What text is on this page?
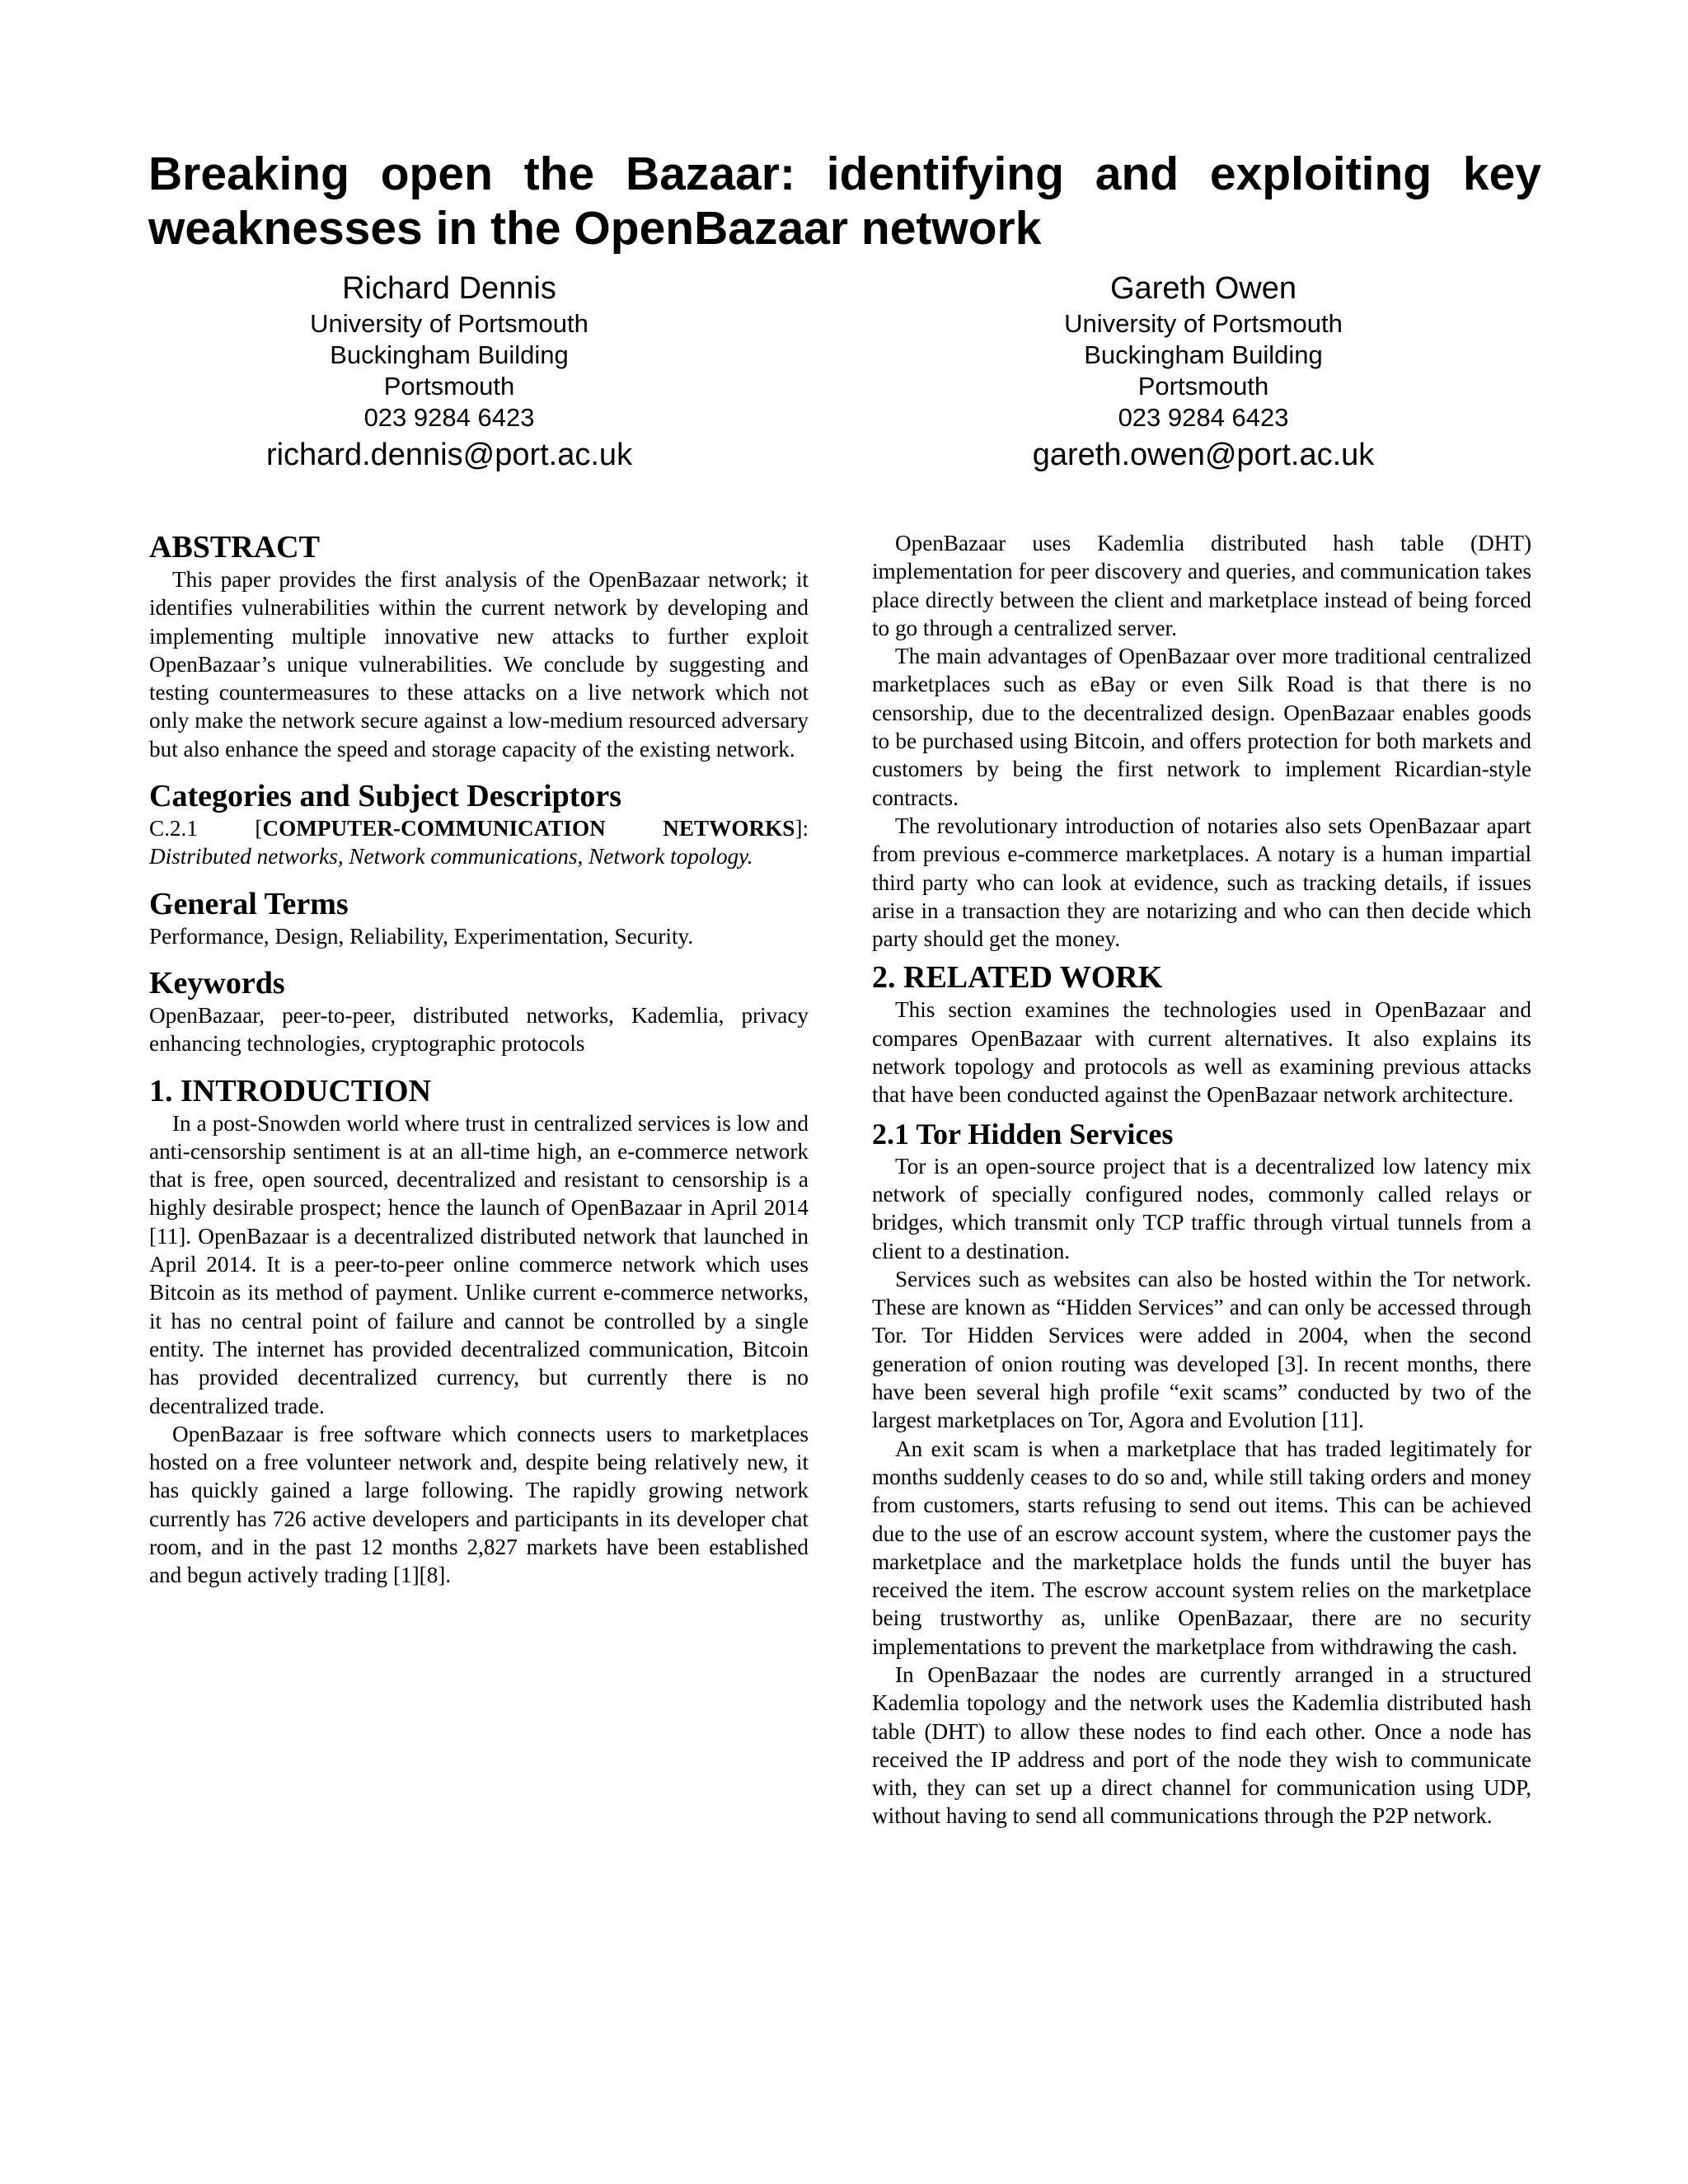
Breaking open the Bazaar: identifying and exploiting key weaknesses in the OpenBazaar network
Richard Dennis
University of Portsmouth
Buckingham Building
Portsmouth
023 9284 6423
richard.dennis@port.ac.uk
Gareth Owen
University of Portsmouth
Buckingham Building
Portsmouth
023 9284 6423
gareth.owen@port.ac.uk
ABSTRACT

This paper provides the first analysis of the OpenBazaar network; it identifies vulnerabilities within the current network by developing and implementing multiple innovative new attacks to further exploit OpenBazaar’s unique vulnerabilities. We conclude by suggesting and testing countermeasures to these attacks on a live network which not only make the network secure against a low-medium resourced adversary but also enhance the speed and storage capacity of the existing network.

Categories and Subject Descriptors

C.2.1	[COMPUTER-COMMUNICATION NETWORKS]: Distributed networks, Network communications, Network topology.

General Terms

Performance, Design, Reliability, Experimentation, Security.

Keywords

OpenBazaar, peer-to-peer, distributed networks, Kademlia, privacy enhancing technologies, cryptographic protocols

1. INTRODUCTION

In a post-Snowden world where trust in centralized services is low and anti-censorship sentiment is at an all-time high, an e-commerce network that is free, open sourced, decentralized and resistant to censorship is a highly desirable prospect; hence the launch of OpenBazaar in April 2014 [11]. OpenBazaar is a decentralized distributed network that launched in April 2014. It is a peer-to-peer online commerce network which uses Bitcoin as its method of payment. Unlike current e-commerce networks, it has no central point of failure and cannot be controlled by a single entity. The internet has provided decentralized communication, Bitcoin has provided decentralized currency, but currently there is no decentralized trade.

OpenBazaar is free software which connects users to marketplaces hosted on a free volunteer network and, despite being relatively new, it has quickly gained a large following. The rapidly growing network currently has 726 active developers and participants in its developer chat room, and in the past 12 months 2,827 markets have been established and begun actively trading [1][8].

OpenBazaar uses Kademlia distributed hash table (DHT) implementation for peer discovery and queries, and communication takes place directly between the client and marketplace instead of being forced to go through a centralized server.

The main advantages of OpenBazaar over more traditional centralized marketplaces such as eBay or even Silk Road is that there is no censorship, due to the decentralized design. OpenBazaar enables goods to be purchased using Bitcoin, and offers protection for both markets and customers by being the first network to implement Ricardian-style contracts.

The revolutionary introduction of notaries also sets OpenBazaar apart from previous e-commerce marketplaces. A notary is a human impartial third party who can look at evidence, such as tracking details, if issues arise in a transaction they are notarizing and who can then decide which party should get the money.

2. RELATED WORK

This section examines the technologies used in OpenBazaar and compares OpenBazaar with current alternatives. It also explains its network topology and protocols as well as examining previous attacks that have been conducted against the OpenBazaar network architecture.

2.1 Tor Hidden Services

Tor is an open-source project that is a decentralized low latency mix network of specially configured nodes, commonly called relays or bridges, which transmit only TCP traffic through virtual tunnels from a client to a destination.

Services such as websites can also be hosted within the Tor network. These are known as “Hidden Services” and can only be accessed through Tor. Tor Hidden Services were added in 2004, when the second generation of onion routing was developed [3]. In recent months, there have been several high profile “exit scams” conducted by two of the largest marketplaces on Tor, Agora and Evolution [11].

An exit scam is when a marketplace that has traded legitimately for months suddenly ceases to do so and, while still taking orders and money from customers, starts refusing to send out items. This can be achieved due to the use of an escrow account system, where the customer pays the marketplace and the marketplace holds the funds until the buyer has received the item. The escrow account system relies on the marketplace being trustworthy as, unlike OpenBazaar, there are no security implementations to prevent the marketplace from withdrawing the cash.

In OpenBazaar the nodes are currently arranged in a structured Kademlia topology and the network uses the Kademlia distributed hash table (DHT) to allow these nodes to find each other. Once a node has received the IP address and port of the node they wish to communicate with, they can set up a direct channel for communication using UDP, without having to send all communications through the P2P network.
